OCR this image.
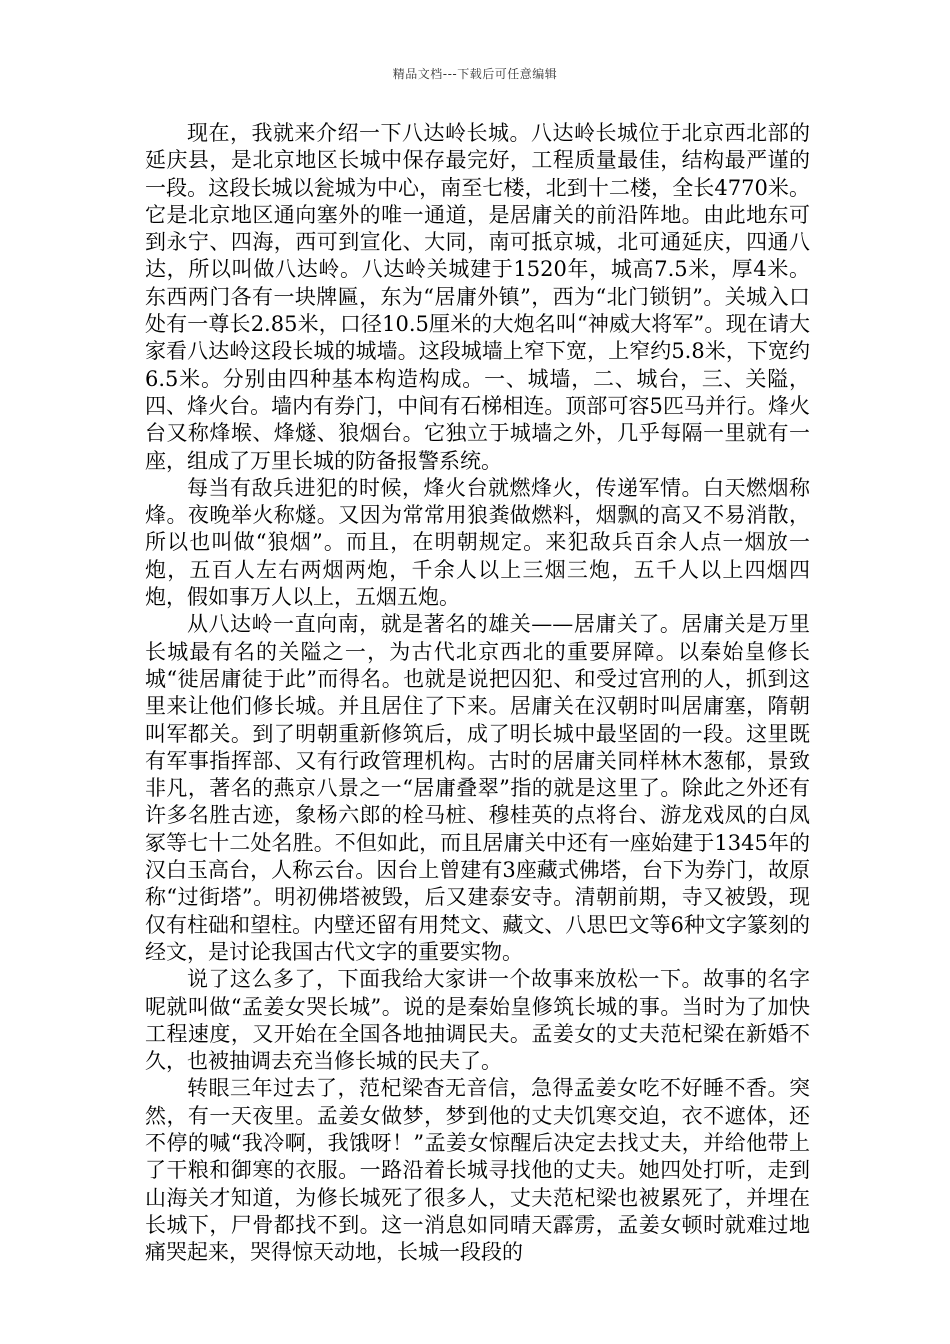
精品文档---下载后可任意编辑

现在，我就来介绍一下八达岭长城。八达岭长城位于北京西北部的延庆县，是北京地区长城中保存最完好，工程质量最佳，结构最严谨的一段。这段长城以瓮城为中心，南至七楼，北到十二楼，全长4770米。它是北京地区通向塞外的唯一通道，是居庸关的前沿阵地。由此地东可到永宁、四海，西可到宣化、大同，南可抵京城，北可通延庆，四通八达，所以叫做八达岭。八达岭关城建于1520年，城高7.5米，厚4米。东西两门各有一块牌匾，东为“居庸外镇”，西为“北门锁钥”。关城入口处有一尊长2.85米，口径10.5厘米的大炮名叫“神威大将军”。现在请大家看八达岭这段长城的城墙。这段城墙上窄下宽，上窄约5.8米，下宽约6.5米。分别由四种基本构造构成。一、城墙，二、城台，三、关隘，四、烽火台。墙内有券门，中间有石梯相连。顶部可容5匹马并行。烽火台又称烽堠、烽燧、狼烟台。它独立于城墙之外，几乎每隔一里就有一座，组成了万里长城的防备报警系统。

每当有敌兵进犯的时候，烽火台就燃烽火，传递军情。白天燃烟称烽。夜晚举火称燧。又因为常常用狼粪做燃料，烟飘的高又不易消散，所以也叫做“狼烟”。而且，在明朝规定。来犯敌兵百余人点一烟放一炮，五百人左右两烟两炮，千余人以上三烟三炮，五千人以上四烟四炮，假如事万人以上，五烟五炮。

从八达岭一直向南，就是著名的雄关——居庸关了。居庸关是万里长城最有名的关隘之一，为古代北京西北的重要屏障。以秦始皇修长城“徙居庸徒于此”而得名。也就是说把囚犯、和受过宫刑的人，抓到这里来让他们修长城。并且居住了下来。居庸关在汉朝时叫居庸塞，隋朝叫军都关。到了明朝重新修筑后，成了明长城中最坚固的一段。这里既有军事指挥部、又有行政管理机构。古时的居庸关同样林木葱郁，景致非凡，著名的燕京八景之一“居庸叠翠”指的就是这里了。除此之外还有许多名胜古迹，象杨六郎的栓马桩、穆桂英的点将台、游龙戏凤的白凤冢等七十二处名胜。不但如此，而且居庸关中还有一座始建于1345年的汉白玉高台，人称云台。因台上曾建有3座藏式佛塔，台下为券门，故原称“过街塔”。明初佛塔被毁，后又建泰安寺。清朝前期，寺又被毁，现仅有柱础和望柱。内壁还留有用梵文、藏文、八思巴文等6种文字篆刻的经文，是讨论我国古代文字的重要实物。

说了这么多了，下面我给大家讲一个故事来放松一下。故事的名字呢就叫做“孟姜女哭长城”。说的是秦始皇修筑长城的事。当时为了加快工程速度，又开始在全国各地抽调民夫。孟姜女的丈夫范杞梁在新婚不久，也被抽调去充当修长城的民夫了。

转眼三年过去了，范杞梁杳无音信，急得孟姜女吃不好睡不香。突然，有一天夜里。孟姜女做梦，梦到他的丈夫饥寒交迫，衣不遮体，还不停的喊“我冷啊，我饿呀！”孟姜女惊醒后决定去找丈夫，并给他带上了干粮和御寒的衣服。一路沿着长城寻找他的丈夫。她四处打听，走到山海关才知道，为修长城死了很多人，丈夫范杞梁也被累死了，并埋在长城下，尸骨都找不到。这一消息如同晴天霹雳，孟姜女顿时就难过地痛哭起来，哭得惊天动地，长城一段段的
